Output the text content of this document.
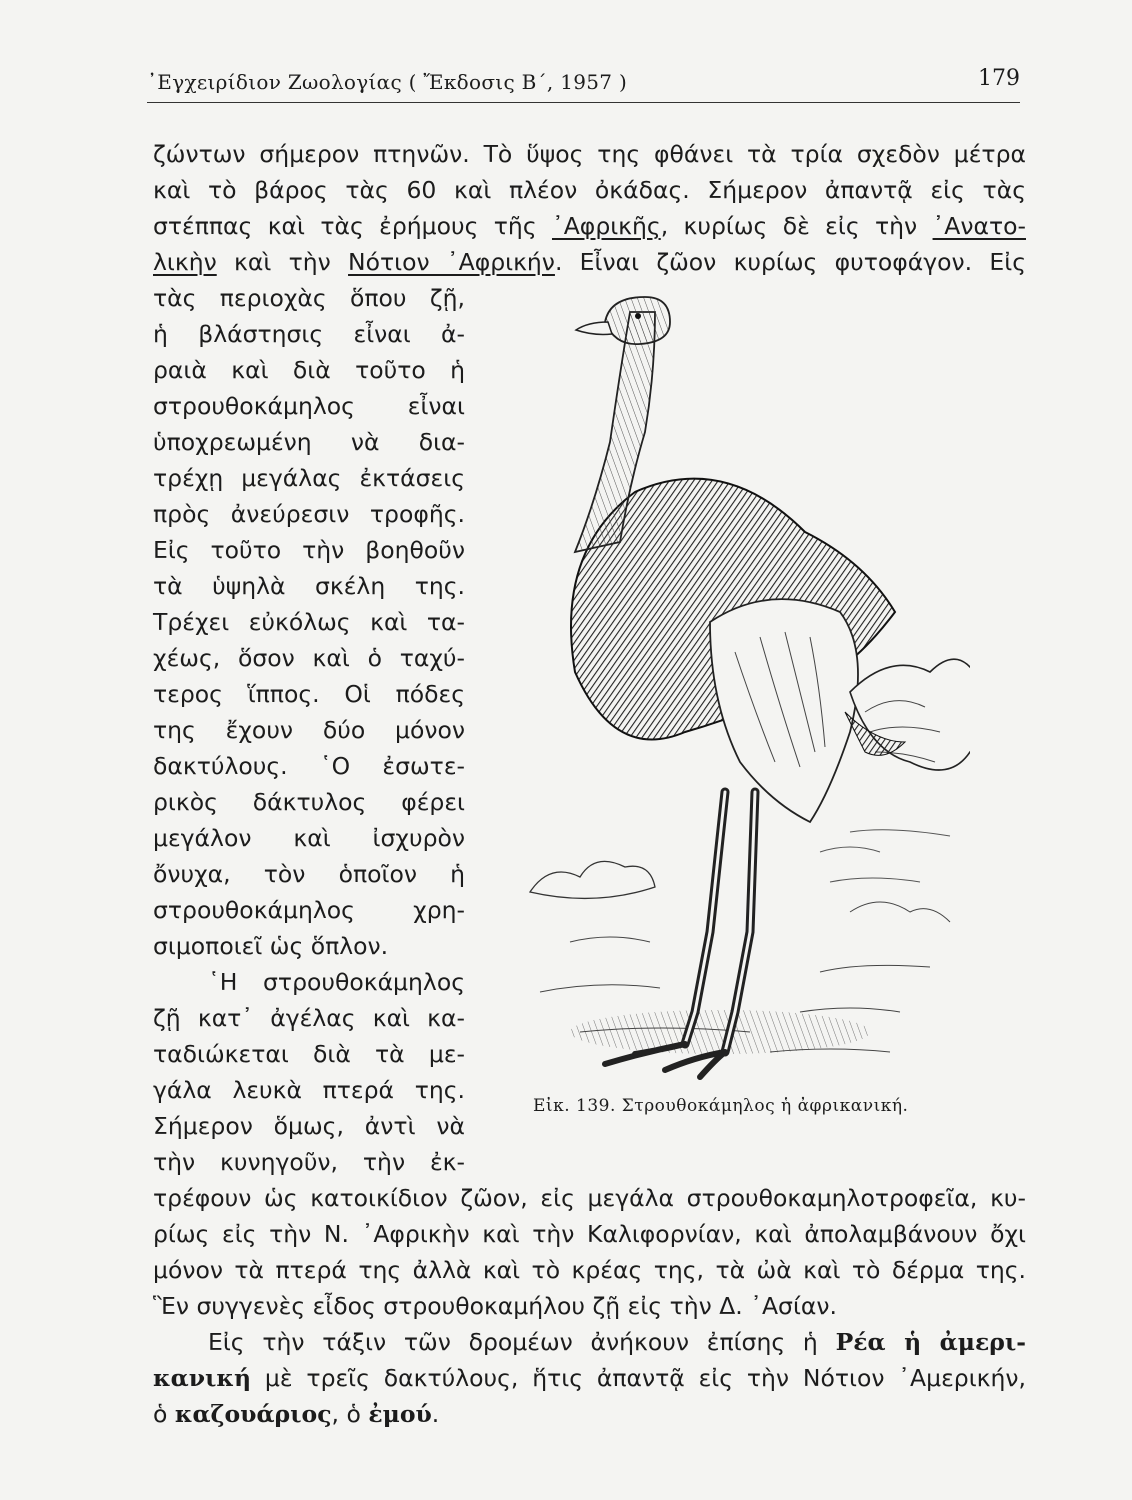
᾽Εγχειρίδιον Ζωολογίας ( Ἔκδοσις Β΄, 1957 )	179
ζώντων σήμερον πτηνῶν. Τὸ ὕψος της φθάνει τὰ τρία σχεδὸν μέτρα
καὶ τὸ βάρος τὰς 60 καὶ πλέον ὀκάδας. Σήμερον ἀπαντᾷ εἰς τὰς
στέππας καὶ τὰς ἐρήμους τῆς ᾽Αφρικῆς, κυρίως δὲ εἰς τὴν ᾽Ανατο-
λικὴν καὶ τὴν Νότιον ᾽Αφρικήν. Εἶναι ζῶον κυρίως φυτοφάγον. Εἰς
τὰς περιοχὰς ὅπου ζῇ,
ἡ βλάστησις εἶναι ἀ-
ραιὰ καὶ διὰ τοῦτο ἡ
στρουθοκάμηλος εἶναι
ὑποχρεωμένη νὰ δια-
τρέχῃ μεγάλας ἐκτάσεις
πρὸς ἀνεύρεσιν τροφῆς.
Εἰς τοῦτο τὴν βοηθοῦν
τὰ ὑψηλὰ σκέλη της.
Τρέχει εὐκόλως καὶ τα-
χέως, ὅσον καὶ ὁ ταχύ-
τερος ἵππος. Οἱ πόδες
της ἔχουν δύο μόνον
δακτύλους. ῾Ο ἐσωτε-
ρικὸς δάκτυλος φέρει
μεγάλον καὶ ἰσχυρὸν
ὄνυχα, τὸν ὁποῖον ἡ
στρουθοκάμηλος χρη-
σιμοποιεῖ ὡς ὅπλον.
῾Η στρουθοκάμηλος
ζῇ κατ᾽ ἀγέλας καὶ κα-
ταδιώκεται διὰ τὰ με-
γάλα λευκὰ πτερά της.
Σήμερον ὅμως, ἀντὶ νὰ
τὴν κυνηγοῦν, τὴν ἐκ-
τρέφουν ὡς κατοικίδιον ζῶον, εἰς μεγάλα στρουθοκαμηλοτροφεῖα, κυ-
ρίως εἰς τὴν Ν. ᾽Αφρικὴν καὶ τὴν Καλιφορνίαν, καὶ ἀπολαμβάνουν ὄχι
μόνον τὰ πτερά της ἀλλὰ καὶ τὸ κρέας της, τὰ ὠὰ καὶ τὸ δέρμα της.
Ἓν συγγενὲς εἶδος στρουθοκαμήλου ζῇ εἰς τὴν Δ. ᾽Ασίαν.
Εἰς τὴν τάξιν τῶν δρομέων ἀνήκουν ἐπίσης ἡ Ρέα ἡ ἀμερι-
κανική μὲ τρεῖς δακτύλους, ἥτις ἀπαντᾷ εἰς τὴν Νότιον ᾽Αμερικήν,
ὁ καζουάριος, ὁ ἐμού.
Εἰκ. 139. Στρουθοκάμηλος ἡ ἀφρικανική.
